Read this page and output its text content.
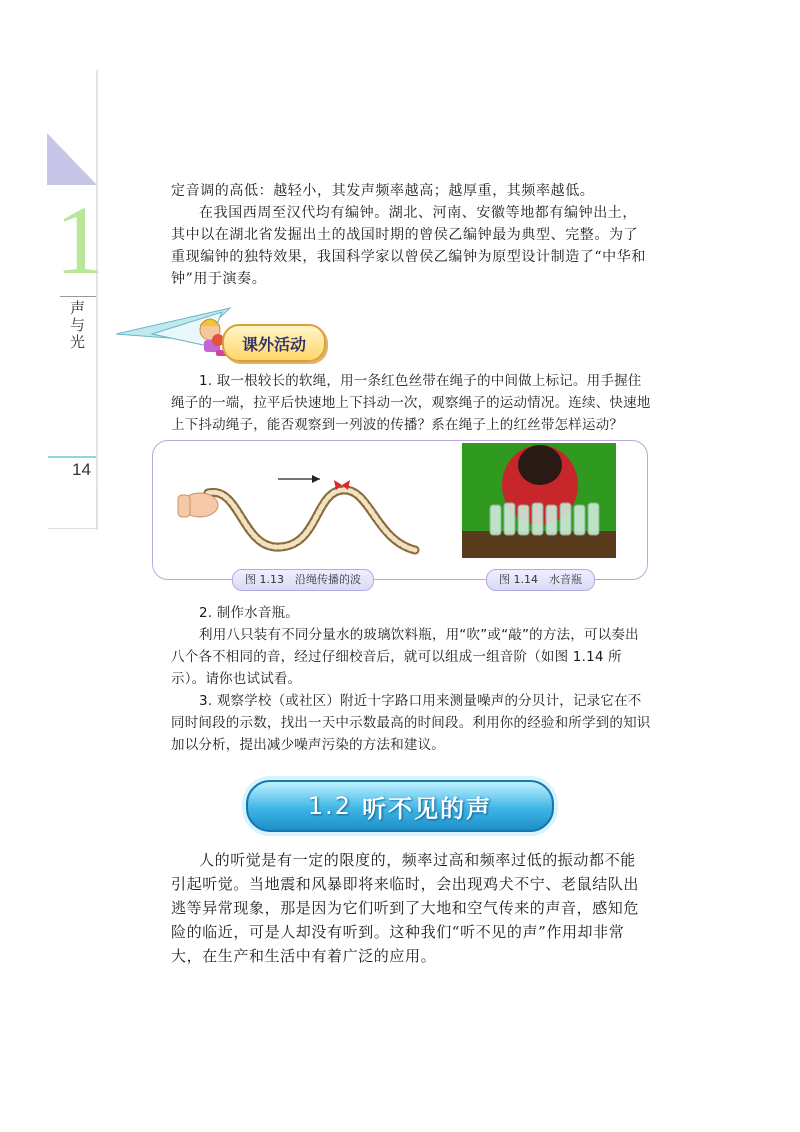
1
声与光
14

定音调的高低：越轻小，其发声频率越高；越厚重，其频率越低。

在我国西周至汉代均有编钟。湖北、河南、安徽等地都有编钟出土，其中以在湖北省发掘出土的战国时期的曾侯乙编钟最为典型、完整。为了重现编钟的独特效果，我国科学家以曾侯乙编钟为原型设计制造了“中华和钟”用于演奏。

课外活动

1. 取一根较长的软绳，用一条红色丝带在绳子的中间做上标记。用手握住绳子的一端，拉平后快速地上下抖动一次，观察绳子的运动情况。连续、快速地上下抖动绳子，能否观察到一列波的传播？系在绳子上的红丝带怎样运动？

图 1.13　沿绳传播的波	图 1.14　水音瓶

2. 制作水音瓶。

利用八只装有不同分量水的玻璃饮料瓶，用“吹”或“敲”的方法，可以奏出八个各不相同的音，经过仔细校音后，就可以组成一组音阶（如图 1.14 所示）。请你也试试看。

3. 观察学校（或社区）附近十字路口用来测量噪声的分贝计，记录它在不同时间段的示数，找出一天中示数最高的时间段。利用你的经验和所学到的知识加以分析，提出减少噪声污染的方法和建议。

1.2 听不见的声

人的听觉是有一定的限度的，频率过高和频率过低的振动都不能引起听觉。当地震和风暴即将来临时，会出现鸡犬不宁、老鼠结队出逃等异常现象，那是因为它们听到了大地和空气传来的声音，感知危险的临近，可是人却没有听到。这种我们“听不见的声”作用却非常大，在生产和生活中有着广泛的应用。
